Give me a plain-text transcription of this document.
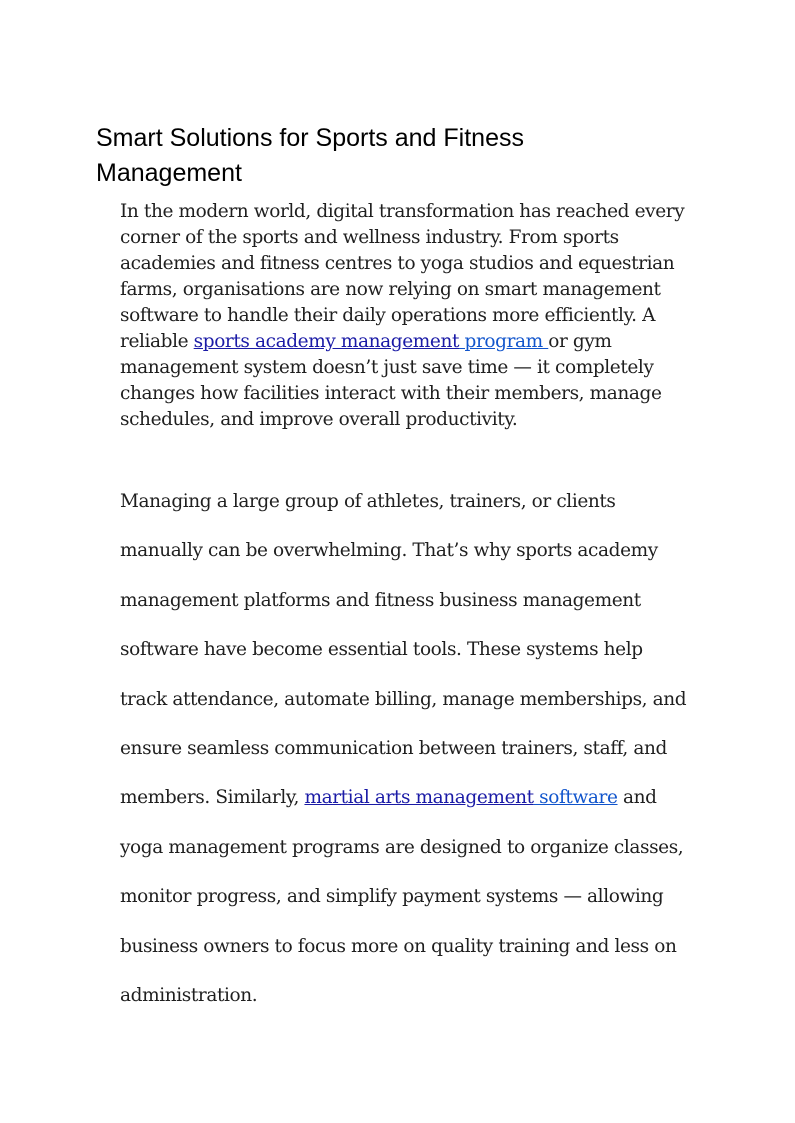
Smart Solutions for Sports and Fitness Management

In the modern world, digital transformation has reached every
corner of the sports and wellness industry. From sports
academies and fitness centres to yoga studios and equestrian
farms, organisations are now relying on smart management
software to handle their daily operations more efficiently. A
reliable sports academy management program or gym
management system doesn’t just save time — it completely
changes how facilities interact with their members, manage
schedules, and improve overall productivity.

Managing a large group of athletes, trainers, or clients
manually can be overwhelming. That’s why sports academy
management platforms and fitness business management
software have become essential tools. These systems help
track attendance, automate billing, manage memberships, and
ensure seamless communication between trainers, staff, and
members. Similarly, martial arts management software and
yoga management programs are designed to organize classes,
monitor progress, and simplify payment systems — allowing
business owners to focus more on quality training and less on
administration.
